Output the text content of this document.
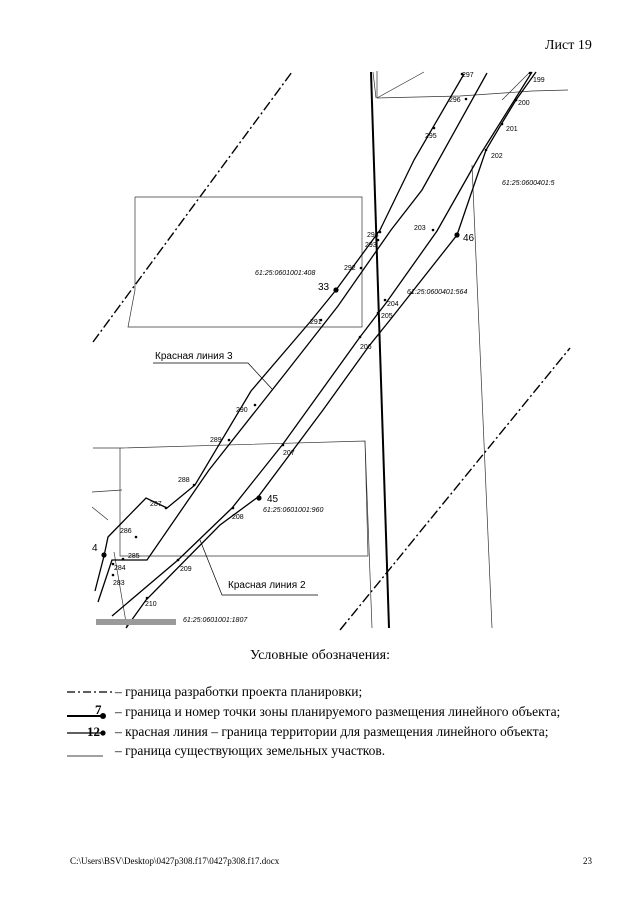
Лист 19
297
199
296	200
201
295
202
294
293
203
292
46
33
204
205
291
206
290
289
207
288
45
287
208
286
285
4
284	209
283
210
61:25:0600401:5
61:25:0601001:408
61:25:0600401:564
61:25:0601001:960
61:25:0601001:1807
Красная линия 3
Красная линия 2
Условные обозначения:
– граница разработки проекта планировки;
7 – граница и номер точки зоны планируемого размещения линейного объекта;
12 – красная линия – граница территории для размещения линейного объекта;
– граница существующих земельных участков.
C:\Users\BSV\Desktop\0427p308.f17\0427p308.f17.docx	23
